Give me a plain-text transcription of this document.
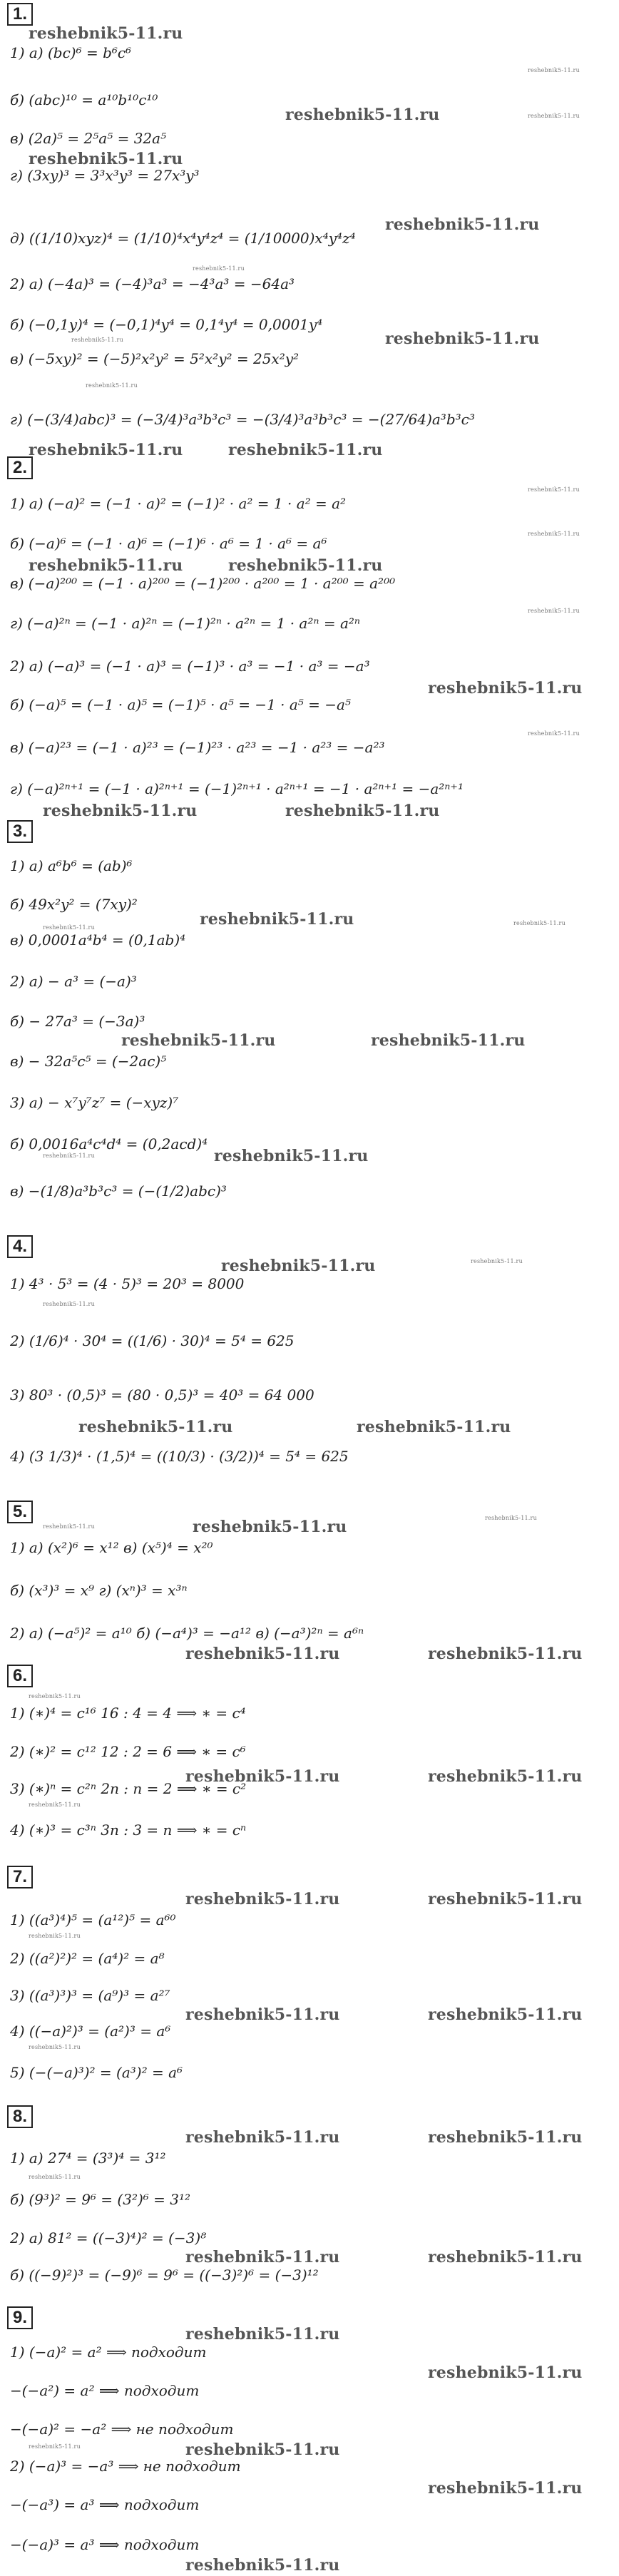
1.
1) а) (bc)⁶ = b⁶c⁶
б) (abc)¹⁰ = a¹⁰b¹⁰c¹⁰
в) (2a)⁵ = 2⁵a⁵ = 32a⁵
г) (3xy)³ = 3³x³y³ = 27x³y³
д) ((1/10)xyz)⁴ = (1/10)⁴x⁴y⁴z⁴ = (1/10000)x⁴y⁴z⁴
2) а) (−4a)³ = (−4)³a³ = −4³a³ = −64a³
б) (−0,1y)⁴ = (−0,1)⁴y⁴ = 0,1⁴y⁴ = 0,0001y⁴
в) (−5xy)² = (−5)²x²y² = 5²x²y² = 25x²y²
г) (−(3/4)abc)³ = (−3/4)³a³b³c³ = −(3/4)³a³b³c³ = −(27/64)a³b³c³
2.
1) а) (−a)² = (−1 · a)² = (−1)² · a² = 1 · a² = a²
б) (−a)⁶ = (−1 · a)⁶ = (−1)⁶ · a⁶ = 1 · a⁶ = a⁶
в) (−a)²⁰⁰ = (−1 · a)²⁰⁰ = (−1)²⁰⁰ · a²⁰⁰ = 1 · a²⁰⁰ = a²⁰⁰
г) (−a)²ⁿ = (−1 · a)²ⁿ = (−1)²ⁿ · a²ⁿ = 1 · a²ⁿ = a²ⁿ
2) а) (−a)³ = (−1 · a)³ = (−1)³ · a³ = −1 · a³ = −a³
б) (−a)⁵ = (−1 · a)⁵ = (−1)⁵ · a⁵ = −1 · a⁵ = −a⁵
в) (−a)²³ = (−1 · a)²³ = (−1)²³ · a²³ = −1 · a²³ = −a²³
г) (−a)²ⁿ⁺¹ = (−1 · a)²ⁿ⁺¹ = (−1)²ⁿ⁺¹ · a²ⁿ⁺¹ = −1 · a²ⁿ⁺¹ = −a²ⁿ⁺¹
3.
1) а) a⁶b⁶ = (ab)⁶
б) 49x²y² = (7xy)²
в) 0,0001a⁴b⁴ = (0,1ab)⁴
2) а) − a³ = (−a)³
б) − 27a³ = (−3a)³
в) − 32a⁵c⁵ = (−2ac)⁵
3) а) − x⁷y⁷z⁷ = (−xyz)⁷
б) 0,0016a⁴c⁴d⁴ = (0,2acd)⁴
в) −(1/8)a³b³c³ = (−(1/2)abc)³
4.
1) 4³ · 5³ = (4 · 5)³ = 20³ = 8000
2) (1/6)⁴ · 30⁴ = ((1/6) · 30)⁴ = 5⁴ = 625
3) 80³ · (0,5)³ = (80 · 0,5)³ = 40³ = 64 000
4) (3 1/3)⁴ · (1,5)⁴ = ((10/3) · (3/2))⁴ = 5⁴ = 625
5.
1) а) (x²)⁶ = x¹² в) (x⁵)⁴ = x²⁰
б) (x³)³ = x⁹ г) (xⁿ)³ = x³ⁿ
2) а) (−a⁵)² = a¹⁰ б) (−a⁴)³ = −a¹² в) (−a³)²ⁿ = a⁶ⁿ
6.
1) (∗)⁴ = c¹⁶ 16 : 4 = 4 ⟹ ∗ = c⁴
2) (∗)² = c¹² 12 : 2 = 6 ⟹ ∗ = c⁶
3) (∗)ⁿ = c²ⁿ 2n : n = 2 ⟹ ∗ = c²
4) (∗)³ = c³ⁿ 3n : 3 = n ⟹ ∗ = cⁿ
7.
1) ((a³)⁴)⁵ = (a¹²)⁵ = a⁶⁰
2) ((a²)²)² = (a⁴)² = a⁸
3) ((a³)³)³ = (a⁹)³ = a²⁷
4) ((−a)²)³ = (a²)³ = a⁶
5) (−(−a)³)² = (a³)² = a⁶
8.
1) а) 27⁴ = (3³)⁴ = 3¹²
б) (9³)² = 9⁶ = (3²)⁶ = 3¹²
2) а) 81² = ((−3)⁴)² = (−3)⁸
б) ((−9)²)³ = (−9)⁶ = 9⁶ = ((−3)²)⁶ = (−3)¹²
9.
1) (−a)² = a² ⟹ подходит
−(−a²) = a² ⟹ подходит
−(−a)² = −a² ⟹ не подходит
2) (−a)³ = −a³ ⟹ не подходит
−(−a³) = a³ ⟹ подходит
−(−a)³ = a³ ⟹ подходит
reshebnik5-11.ru
reshebnik5-11.ru
reshebnik5-11.ru
reshebnik5-11.ru
reshebnik5-11.ru
reshebnik5-11.ru
reshebnik5-11.ru
reshebnik5-11.ru
reshebnik5-11.ru
reshebnik5-11.ru
reshebnik5-11.ru	reshebnik5-11.ru
reshebnik5-11.ru
reshebnik5-11.ru
reshebnik5-11.ru	reshebnik5-11.ru
reshebnik5-11.ru
reshebnik5-11.ru
reshebnik5-11.ru
reshebnik5-11.ru	reshebnik5-11.ru
reshebnik5-11.ru	reshebnik5-11.ru
reshebnik5-11.ru
reshebnik5-11.ru	reshebnik5-11.ru
reshebnik5-11.ru
reshebnik5-11.ru
reshebnik5-11.ru	reshebnik5-11.ru
reshebnik5-11.ru
reshebnik5-11.ru	reshebnik5-11.ru
reshebnik5-11.ru	reshebnik5-11.ru
reshebnik5-11.ru
reshebnik5-11.ru	reshebnik5-11.ru
reshebnik5-11.ru
reshebnik5-11.ru
reshebnik5-11.ru	reshebnik5-11.ru
reshebnik5-11.ru	reshebnik5-11.ru
reshebnik5-11.ru
reshebnik5-11.ru	reshebnik5-11.ru
reshebnik5-11.ru
reshebnik5-11.ru	reshebnik5-11.ru
reshebnik5-11.ru
reshebnik5-11.ru	reshebnik5-11.ru
reshebnik5-11.ru
reshebnik5-11.ru
reshebnik5-11.ru
reshebnik5-11.ru
reshebnik5-11.ru
reshebnik5-11.ru
